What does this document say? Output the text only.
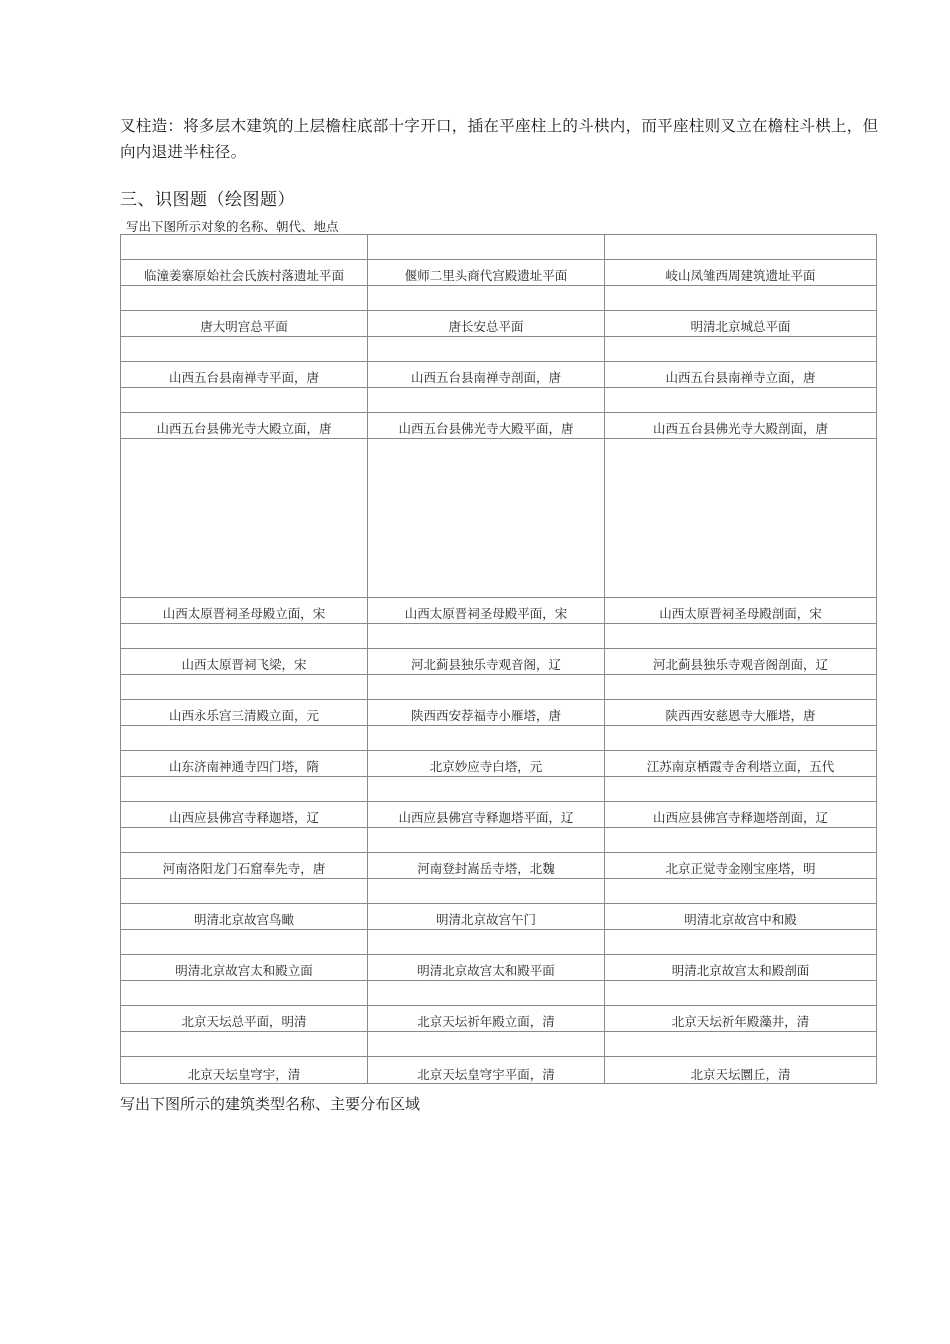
叉柱造：将多层木建筑的上层檐柱底部十字开口，插在平座柱上的斗栱内，而平座柱则叉立在檐柱斗栱上，但向内退进半柱径。
三、识图题（绘图题）
写出下图所示对象的名称、朝代、地点

临潼姜寨原始社会氏族村落遗址平面	偃师二里头商代宫殿遗址平面	岐山凤雏西周建筑遗址平面

唐大明宫总平面	唐长安总平面	明清北京城总平面

山西五台县南禅寺平面，唐	山西五台县南禅寺剖面，唐	山西五台县南禅寺立面，唐

山西五台县佛光寺大殿立面，唐	山西五台县佛光寺大殿平面，唐	山西五台县佛光寺大殿剖面，唐

山西太原晋祠圣母殿立面，宋	山西太原晋祠圣母殿平面，宋	山西太原晋祠圣母殿剖面，宋

山西太原晋祠飞梁，宋	河北蓟县独乐寺观音阁，辽	河北蓟县独乐寺观音阁剖面，辽

山西永乐宫三清殿立面，元	陕西西安荐福寺小雁塔，唐	陕西西安慈恩寺大雁塔，唐

山东济南神通寺四门塔，隋	北京妙应寺白塔，元	江苏南京栖霞寺舍利塔立面，五代

山西应县佛宫寺释迦塔，辽	山西应县佛宫寺释迦塔平面，辽	山西应县佛宫寺释迦塔剖面，辽

河南洛阳龙门石窟奉先寺，唐	河南登封嵩岳寺塔，北魏	北京正觉寺金刚宝座塔，明

明清北京故宫鸟瞰	明清北京故宫午门	明清北京故宫中和殿

明清北京故宫太和殿立面	明清北京故宫太和殿平面	明清北京故宫太和殿剖面

北京天坛总平面，明清	北京天坛祈年殿立面，清	北京天坛祈年殿藻井，清

北京天坛皇穹宇，清	北京天坛皇穹宇平面，清	北京天坛圜丘，清
写出下图所示的建筑类型名称、主要分布区域
